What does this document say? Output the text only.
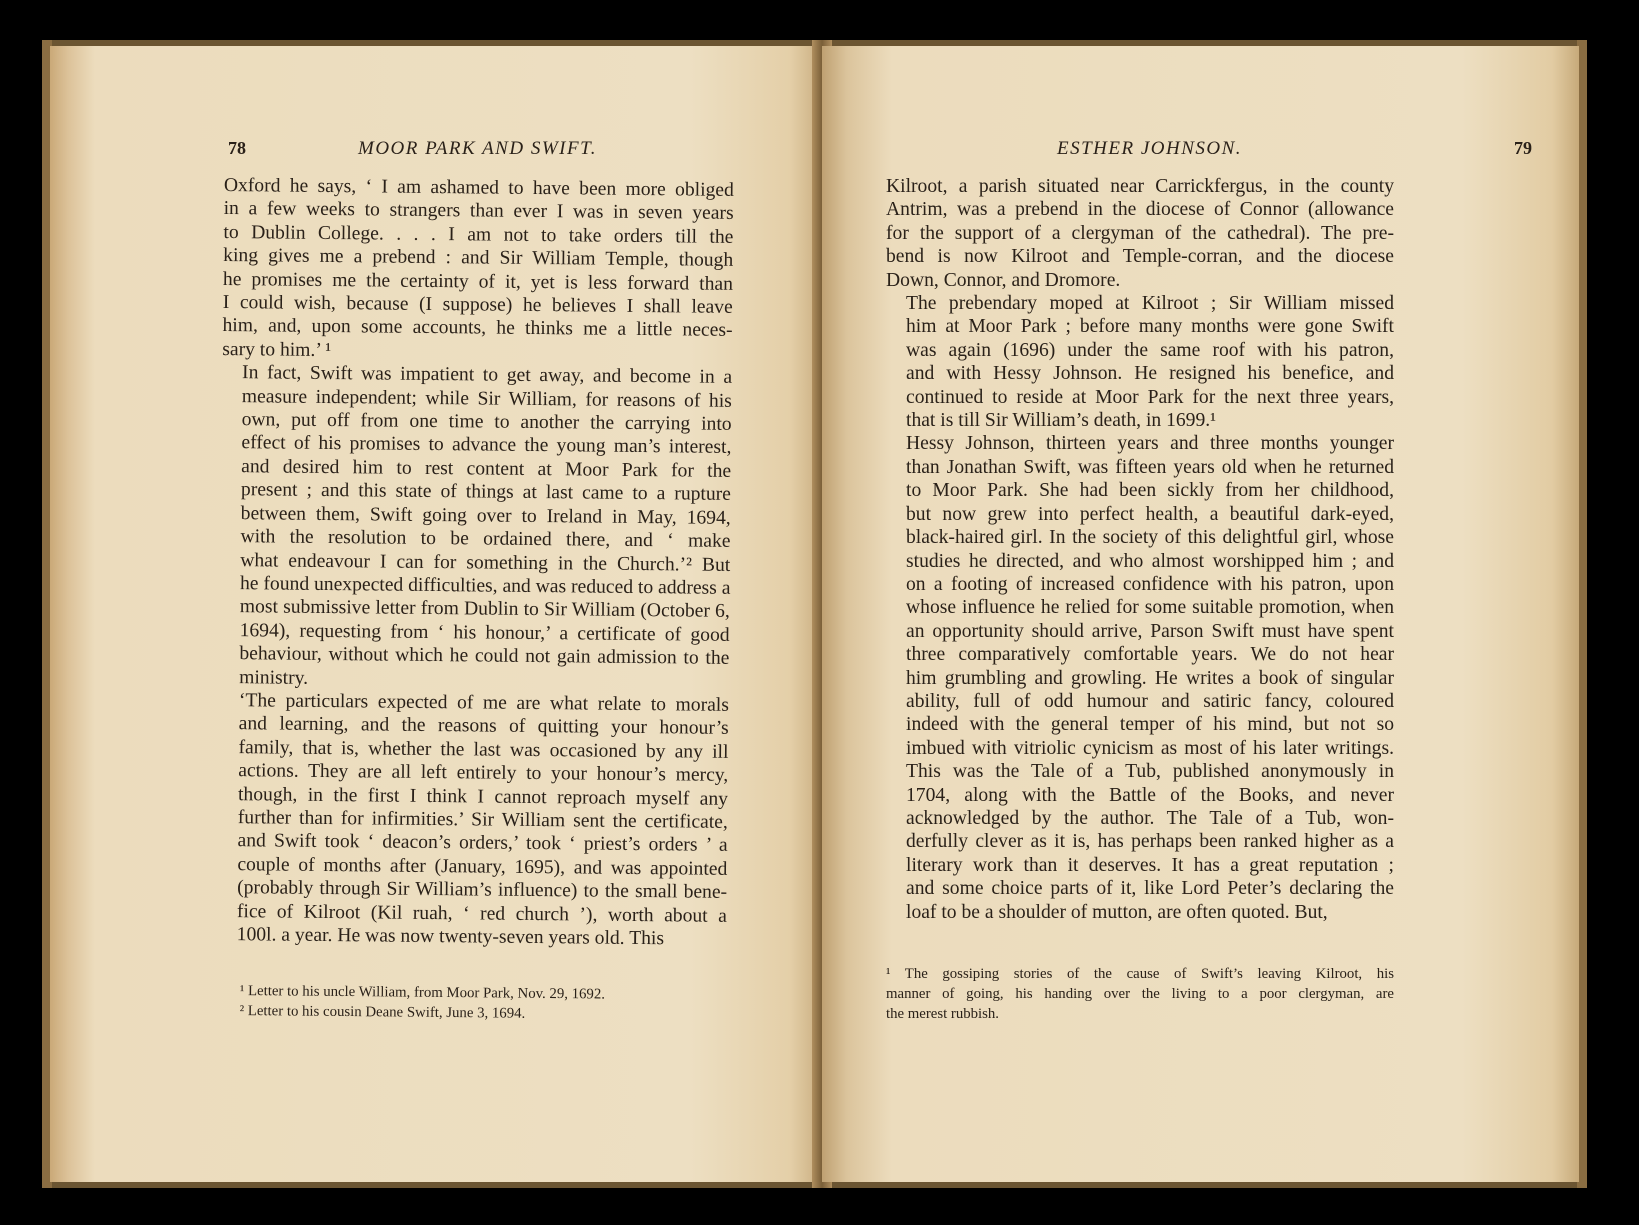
78	MOOR PARK AND SWIFT.

Oxford he says, ‘ I am ashamed to have been more obliged
in a few weeks to strangers than ever I was in seven years
to Dublin College. . . . I am not to take orders till the
king gives me a prebend : and Sir William Temple, though
he promises me the certainty of it, yet is less forward than
I could wish, because (I suppose) he believes I shall leave
him, and, upon some accounts, he thinks me a little neces-
sary to him.’ ¹

In fact, Swift was impatient to get away, and become in a
measure independent; while Sir William, for reasons of his
own, put off from one time to another the carrying into
effect of his promises to advance the young man’s interest,
and desired him to rest content at Moor Park for the
present ; and this state of things at last came to a rupture
between them, Swift going over to Ireland in May, 1694,
with the resolution to be ordained there, and ‘ make
what endeavour I can for something in the Church.’² But
he found unexpected difficulties, and was reduced to address a
most submissive letter from Dublin to Sir William (October 6,
1694), requesting from ‘ his honour,’ a certificate of good
behaviour, without which he could not gain admission to the
ministry.

‘The particulars expected of me are what relate to morals
and learning, and the reasons of quitting your honour’s
family, that is, whether the last was occasioned by any ill
actions. They are all left entirely to your honour’s mercy,
though, in the first I think I cannot reproach myself any
further than for infirmities.’ Sir William sent the certificate,
and Swift took ‘ deacon’s orders,’ took ‘ priest’s orders ’ a
couple of months after (January, 1695), and was appointed
(probably through Sir William’s influence) to the small bene-
fice of Kilroot (Kil ruah, ‘ red church ’), worth about a
100l. a year. He was now twenty-seven years old. This

¹ Letter to his uncle William, from Moor Park, Nov. 29, 1692.
² Letter to his cousin Deane Swift, June 3, 1694.
ESTHER JOHNSON.	79

Kilroot, a parish situated near Carrickfergus, in the county
Antrim, was a prebend in the diocese of Connor (allowance
for the support of a clergyman of the cathedral). The pre-
bend is now Kilroot and Temple-corran, and the diocese
Down, Connor, and Dromore.

The prebendary moped at Kilroot ; Sir William missed
him at Moor Park ; before many months were gone Swift
was again (1696) under the same roof with his patron,
and with Hessy Johnson. He resigned his benefice, and
continued to reside at Moor Park for the next three years,
that is till Sir William’s death, in 1699.¹

Hessy Johnson, thirteen years and three months younger
than Jonathan Swift, was fifteen years old when he returned
to Moor Park. She had been sickly from her childhood,
but now grew into perfect health, a beautiful dark-eyed,
black-haired girl. In the society of this delightful girl, whose
studies he directed, and who almost worshipped him ; and
on a footing of increased confidence with his patron, upon
whose influence he relied for some suitable promotion, when
an opportunity should arrive, Parson Swift must have spent
three comparatively comfortable years. We do not hear
him grumbling and growling. He writes a book of singular
ability, full of odd humour and satiric fancy, coloured
indeed with the general temper of his mind, but not so
imbued with vitriolic cynicism as most of his later writings.
This was the Tale of a Tub, published anonymously in
1704, along with the Battle of the Books, and never
acknowledged by the author. The Tale of a Tub, won-
derfully clever as it is, has perhaps been ranked higher as a
literary work than it deserves. It has a great reputation ;
and some choice parts of it, like Lord Peter’s declaring the
loaf to be a shoulder of mutton, are often quoted. But,

¹ The gossiping stories of the cause of Swift’s leaving Kilroot, his
manner of going, his handing over the living to a poor clergyman, are
the merest rubbish.
